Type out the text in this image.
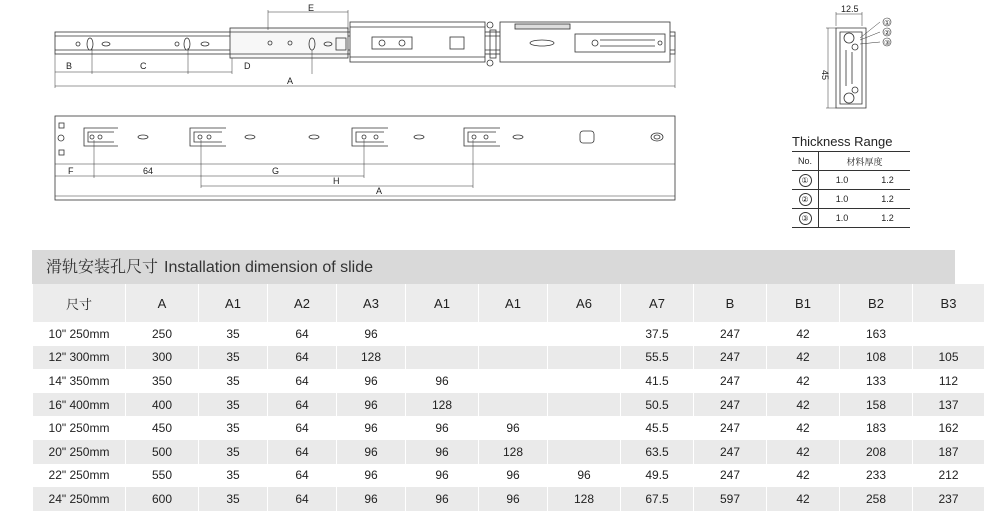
E
B	C	D
A
F	64	G
H
A
12.5
45
①
②
③
Thickness Range
No.	材料厚度	
①	1.0	1.2
②	1.0	1.2
③	1.0	1.2
滑轨安装孔尺寸 Installation dimension of slide
尺寸	A	A1	A2	A3	A1	A1	A6	A7	B	B1	B2	B3
10" 250mm	250	35	64	96				37.5	247	42	163	
12" 300mm	300	35	64	128				55.5	247	42	108	105
14" 350mm	350	35	64	96	96			41.5	247	42	133	112
16" 400mm	400	35	64	96	128			50.5	247	42	158	137
10" 250mm	450	35	64	96	96	96		45.5	247	42	183	162
20" 250mm	500	35	64	96	96	128		63.5	247	42	208	187
22" 250mm	550	35	64	96	96	96	96	49.5	247	42	233	212
24" 250mm	600	35	64	96	96	96	128	67.5	597	42	258	237
